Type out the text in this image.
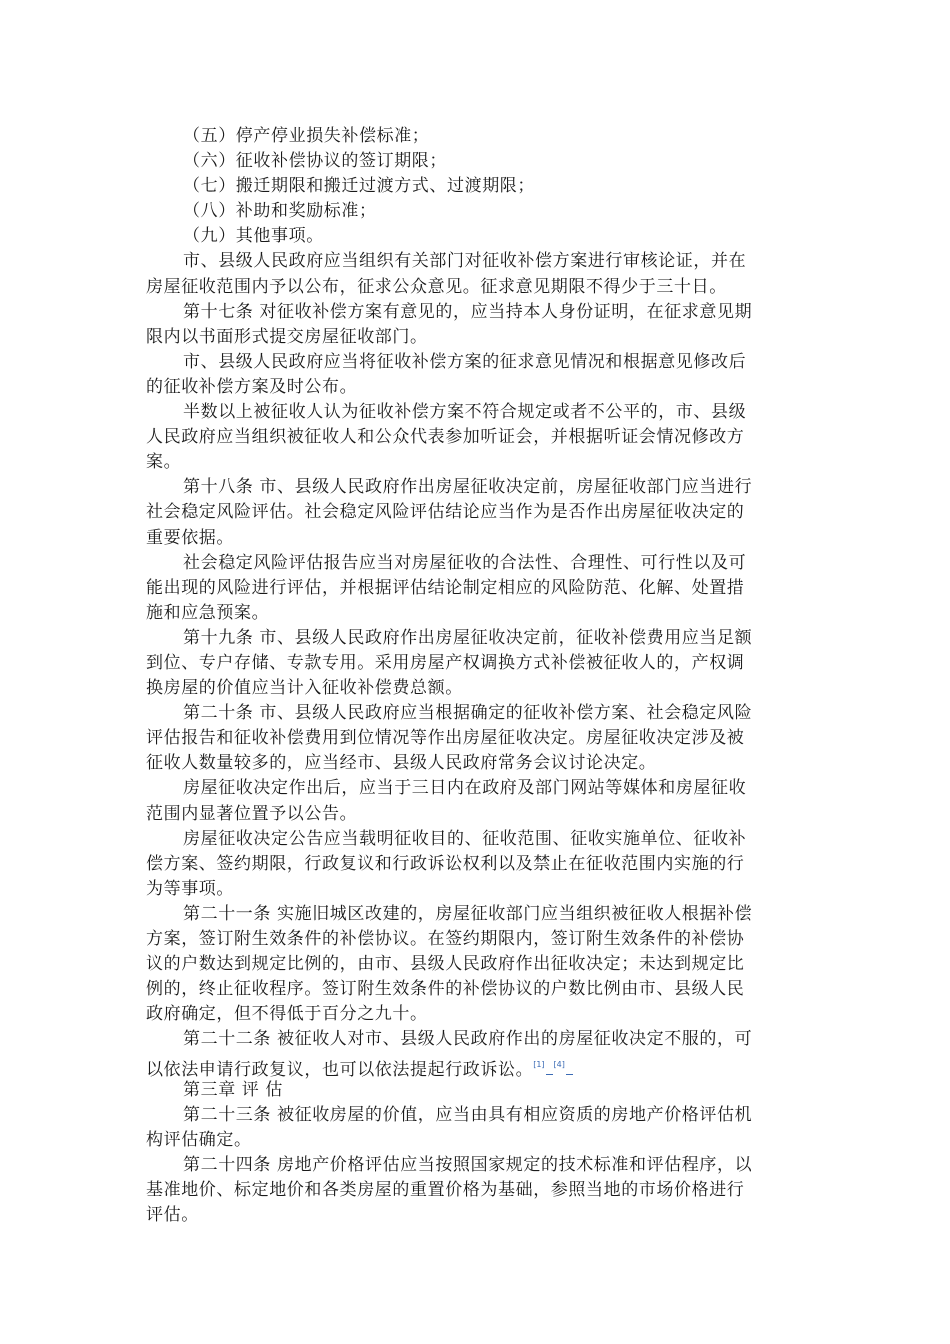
（五）停产停业损失补偿标准；
（六）征收补偿协议的签订期限；
（七）搬迁期限和搬迁过渡方式、过渡期限；
（八）补助和奖励标准；
（九）其他事项。
市、县级人民政府应当组织有关部门对征收补偿方案进行审核论证，并在
房屋征收范围内予以公布，征求公众意见。征求意见期限不得少于三十日。
第十七条 对征收补偿方案有意见的，应当持本人身份证明，在征求意见期
限内以书面形式提交房屋征收部门。
市、县级人民政府应当将征收补偿方案的征求意见情况和根据意见修改后
的征收补偿方案及时公布。
半数以上被征收人认为征收补偿方案不符合规定或者不公平的，市、县级
人民政府应当组织被征收人和公众代表参加听证会，并根据听证会情况修改方
案。
第十八条 市、县级人民政府作出房屋征收决定前，房屋征收部门应当进行
社会稳定风险评估。社会稳定风险评估结论应当作为是否作出房屋征收决定的
重要依据。
社会稳定风险评估报告应当对房屋征收的合法性、合理性、可行性以及可
能出现的风险进行评估，并根据评估结论制定相应的风险防范、化解、处置措
施和应急预案。
第十九条 市、县级人民政府作出房屋征收决定前，征收补偿费用应当足额
到位、专户存储、专款专用。采用房屋产权调换方式补偿被征收人的，产权调
换房屋的价值应当计入征收补偿费总额。
第二十条 市、县级人民政府应当根据确定的征收补偿方案、社会稳定风险
评估报告和征收补偿费用到位情况等作出房屋征收决定。房屋征收决定涉及被
征收人数量较多的，应当经市、县级人民政府常务会议讨论决定。
房屋征收决定作出后，应当于三日内在政府及部门网站等媒体和房屋征收
范围内显著位置予以公告。
房屋征收决定公告应当载明征收目的、征收范围、征收实施单位、征收补
偿方案、签约期限，行政复议和行政诉讼权利以及禁止在征收范围内实施的行
为等事项。
第二十一条 实施旧城区改建的，房屋征收部门应当组织被征收人根据补偿
方案，签订附生效条件的补偿协议。在签约期限内，签订附生效条件的补偿协
议的户数达到规定比例的，由市、县级人民政府作出征收决定；未达到规定比
例的，终止征收程序。签订附生效条件的补偿协议的户数比例由市、县级人民
政府确定，但不得低于百分之九十。
第二十二条 被征收人对市、县级人民政府作出的房屋征收决定不服的，可
以依法申请行政复议，也可以依法提起行政诉讼。[1] [4]
第三章 评 估
第二十三条 被征收房屋的价值，应当由具有相应资质的房地产价格评估机
构评估确定。
第二十四条 房地产价格评估应当按照国家规定的技术标准和评估程序，以
基准地价、标定地价和各类房屋的重置价格为基础，参照当地的市场价格进行
评估。
